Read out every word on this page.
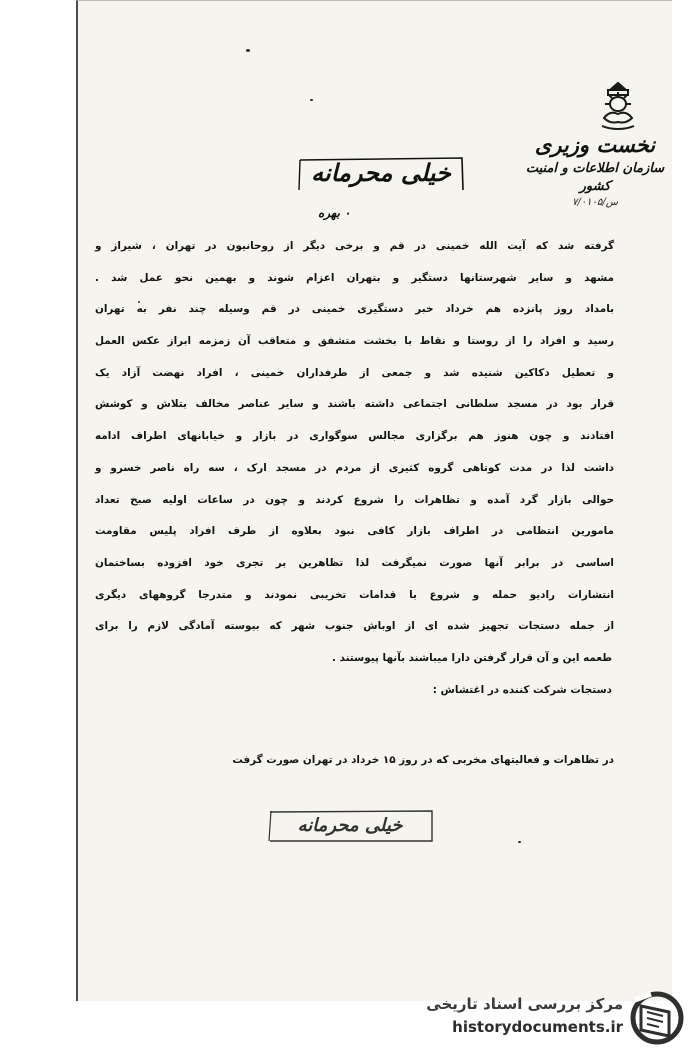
نخست وزیری
سازمان اطلاعات و امنیت کشور
س/۷/۰۱۰۵
خیلی محرمانه
۰ بهره
گرفته شد که آیت الله خمینی در قم و برخی دیگر از روحانیون در تهران ، شیراز و
مشهد و سایر شهرستانها دستگیر و بتهران اعزام شوند و بهمین نحو عمل شد .
بامداد روز پانزده هم خرداد خبر دستگیری خمینی در قم وسیله چند نفر به تهران
رسید و افراد را از روستا و نقاط با بخشت متشفق و متعاقب آن زمزمه ابراز عکس العمل
و تعطیل دکاکین شنیده شد و جمعی از طرفداران خمینی ، افراد نهضت آزاد یک
قرار بود در مسجد سلطانی اجتماعی داشته باشند و سایر عناصر مخالف بتلاش و کوشش
افتادند و چون هنوز هم برگزاری مجالس سوگواری در بازار و خیابانهای اطراف ادامه
داشت لذا در مدت کوتاهی گروه کثیری از مردم در مسجد ارک ، سه راه ناصر خسرو و
حوالی بازار گرد آمده و تظاهرات را شروع کردند و چون در ساعات اولیه صبح تعداد
مامورین انتظامی در اطراف بازار کافی نبود بعلاوه از طرف افراد پلیس مقاومت
اساسی در برابر آنها صورت نمیگرفت لذا تظاهرین بر تجری خود افزوده بساختمان
انتشارات رادیو حمله و شروع با قدامات تخریبی نمودند و متدرجا گروههای دیگری
از جمله دستجات تجهیز شده ای از اوباش جنوب شهر که بیوسته آمادگی لازم را برای
طعمه این و آن قرار گرفتن دارا میباشند بآنها پیوستند .
دستجات شرکت کننده در اغتشاش :
در تظاهرات و فعالیتهای مخربی که در روز ۱۵ خرداد در تهران صورت گرفت
خیلی محرمانه
مرکز بررسی اسناد تاریخی
historydocuments.ir
